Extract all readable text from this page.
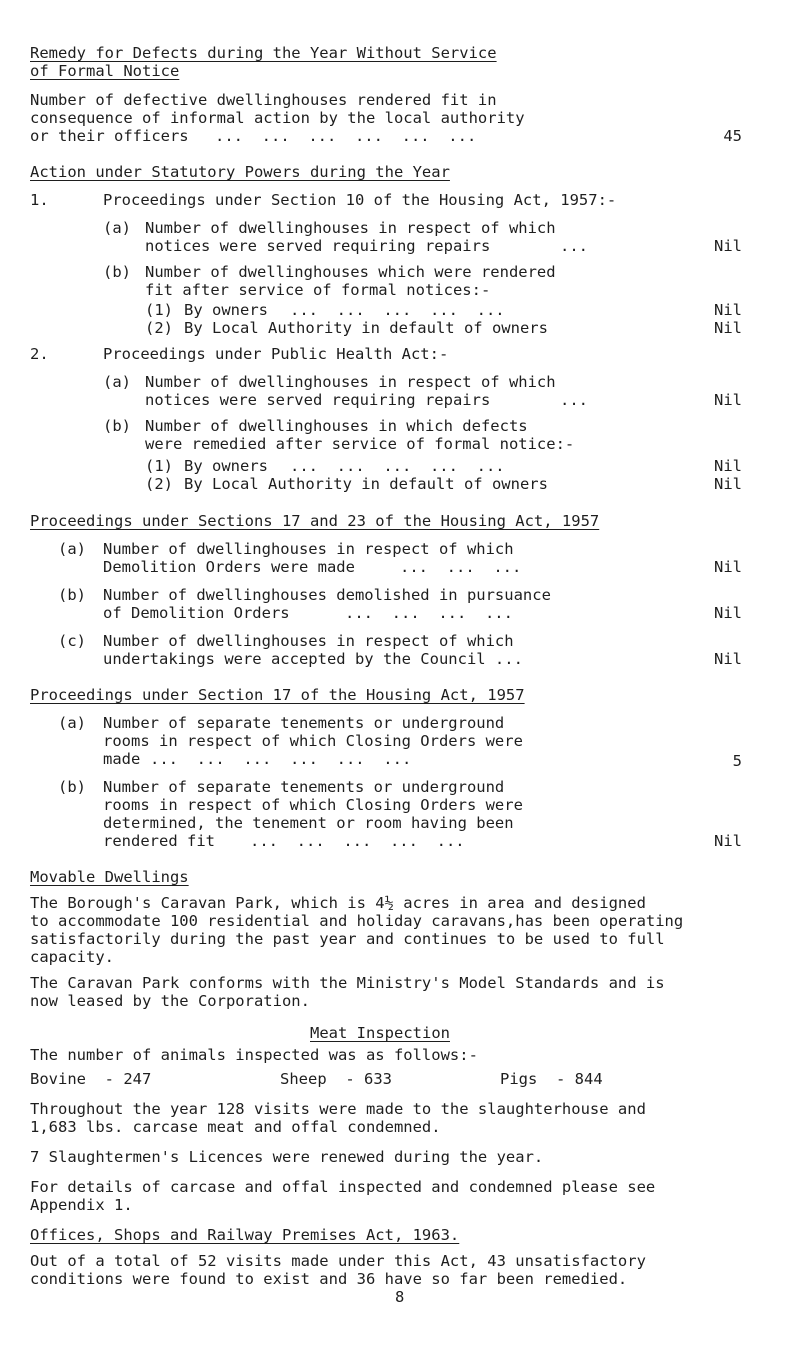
Remedy for Defects during the Year Without Service
of Formal Notice
Number of defective dwellinghouses rendered fit in
consequence of informal action by the local authority
or their officers ...  ...  ...  ...  ...  ...	45
Action under Statutory Powers during the Year
1.	Proceedings under Section 10 of the Housing Act, 1957:-
(a) Number of dwellinghouses in respect of which
notices were served requiring repairs	...	Nil
(b) Number of dwellinghouses which were rendered
fit after service of formal notices:-
(1) By owners ...  ...  ...  ...  ...	Nil
(2) By Local Authority in default of owners	Nil
2.	Proceedings under Public Health Act:-
(a) Number of dwellinghouses in respect of which
notices were served requiring repairs	...	Nil
(b) Number of dwellinghouses in which defects
were remedied after service of formal notice:-
(1) By owners ...  ...  ...  ...  ...	Nil
(2) By Local Authority in default of owners	Nil
Proceedings under Sections 17 and 23 of the Housing Act, 1957
(a) Number of dwellinghouses in respect of which
Demolition Orders were made	...  ...  ...	Nil
(b) Number of dwellinghouses demolished in pursuance
of Demolition Orders	...  ...  ...  ...	Nil
(c) Number of dwellinghouses in respect of which
undertakings were accepted by the Council ...	Nil
Proceedings under Section 17 of the Housing Act, 1957
(a) Number of separate tenements or underground
rooms in respect of which Closing Orders were
made ...  ...  ...  ...  ...  ...	5
(b) Number of separate tenements or underground
rooms in respect of which Closing Orders were
determined, the tenement or room having been
rendered fit ...  ...  ...  ...  ...	Nil
Movable Dwellings
The Borough's Caravan Park, which is 4½ acres in area and designed
to accommodate 100 residential and holiday caravans,has been operating
satisfactorily during the past year and continues to be used to full
capacity.
The Caravan Park conforms with the Ministry's Model Standards and is
now leased by the Corporation.
Meat Inspection
The number of animals inspected was as follows:-
Bovine  - 247	Sheep  - 633	Pigs  - 844
Throughout the year 128 visits were made to the slaughterhouse and
1,683 lbs. carcase meat and offal condemned.
7 Slaughtermen's Licences were renewed during the year.
For details of carcase and offal inspected and condemned please see
Appendix 1.
Offices, Shops and Railway Premises Act, 1963.
Out of a total of 52 visits made under this Act, 43 unsatisfactory
conditions were found to exist and 36 have so far been remedied.
8
